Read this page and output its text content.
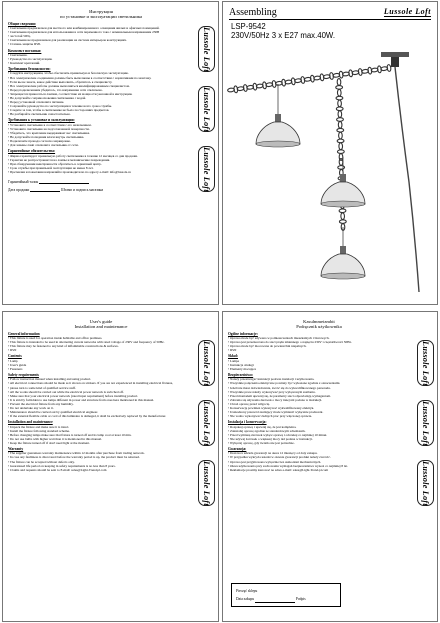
Инструкция
по установке и эксплуатации светильника
Общие сведения:
• Светильник предназначен для местного или комбинированного освещения жилых и офисных помещений.
• Светильник предназначен для использования в сети переменного тока с номинальным напряжением 230В
• частотой 50Гц.
• Светильник не предназначен для реализации на системе интерьеров конструкциях.
• Степень защиты IP20.
Комплект поставки:
• Светильник.
• Руководство по эксплуатации.
• Комплект креплений.
Требования безопасности:
• Следуйте инструкциям, чтобы обеспечить правильную и безопасную эксплуатацию.
• Все электрические соединения должны быть выполнены в соответствии с нормативами по монтажу.
• Если вы не знаете, какое действие выполнять, обратитесь к специалисту.
• Все электрические работы должны выполняться квалифицированным специалистом.
• Перед подключением убедитесь, что напряжение сети отключено.
• Запрещается прикасаться лампам, соответствие их мощности указанной в инструкции.
• Не допускайте соприкосновения светильника с водой.
• Перед установкой отключите питание.
• Сохраняйте руководство по эксплуатации в течение всего срока службы.
• Следите за тем, чтобы в светильнике не было посторонних предметов.
• Не разбирайте светильник самостоятельно.
Требования к установке и эксплуатации:
• Установите светильник в соответствии с его назначением.
• Установите светильник на подготовленной поверхности.
• Убедитесь, что крепление выдерживает вес светильника.
• Не допускайте попадания влаги внутрь светильника.
• Подключите провода согласно маркировке.
• Для замены ламп отключите светильник от сети.
Гарантийные обязательства:
• Фирма гарантирует правильную работу светильника в течение 12 месяцев со дня продажи.
• Гарантия не распространяется на лампы и механические повреждения.
• При обнаружении неисправности обратитесь в сервисный центр.
• Срок службы при правильной эксплуатации не менее 8 лет.
• Претензии и пожелания направляйте производителю по адресу e-mail: info@lussole.ru
Гарантийный талон
Дата продажи	Штамп и подпись магазина
Lussole Loft
Lussole Loft
Lussole Loft
Assembling	Lussole Loft
LSP-9542
230V/50Hz 3 x E27 max.40W.
User's guide
Installation and maintenance
General information
• This fixture is used for operation inside habitable and office premises.
• This fixture is intended to be used in alternating current networks with rated voltage of 230V and frequency of 50Hz.
• This fixture may be fastened to any kind of inflammable constructions & surfaces.
• IP20
Contents
• Lamp
• User's guide
• Fasteners
Safety requirements
• Follow instruction manual when installing and using product.
• All electrical connections should be made as it shown on stickers. If you are not experienced in installing electrical fixtures,
• please turn to some kind of qualified service staff.
• All the works should be carried out while the electrical power network is switched off.
• Make sure that your electrical power network (rated input requirement) before installing product.
• It is strictly forbidden to use lamps different in power and structure from ones here mentioned in this manual.
• Prevent the electrical fixture from any humidity.
• Do not undertake any work on it.
• Maintenance should be carried out by qualified electrical engineer.
• If the external flexible cable or cord of this luminaire is damaged, it shall be exclusively replaced by the manufacturer.
Installation and maintenance
• Unpack the fixture and make sure it is intact.
• Install the fixture following standard scheme.
• Before changing lamps make sure that fixture is turned off and its lamp cool at least 10 min.
• Do not use bulbs with higher watt than it is mentioned in this manual.
• Keep the fixture turned off if don't need light at the moment.
Warranty
• The supplier guarantees warranty maintenance within 12 months after purchase from trading network.
• In case any faultiness is discovered before the warranty period is up, the product must be returned.
• The fixture can be accepted without defects only.
• Guaranteed life period on keeping in safety requirements is no less than 8 years.
• Claims and requests should be sent to E-mail: sales@Light-Trend.pl.com
Lussole Loft
Lussole Loft
Lussole Loft
Kasulmmeizmbit
Podręcznik użytkownika
Ogólne informacje:
• Oprawa może być używana w pomieszczeniach mieszkalnych i biurowych.
• Oprawa jest przeznaczona do sieci prądu zmiennego o napięciu 230V i częstotliwości 50Hz.
• Oprawa może być mocowana do powierzchni niepalnych.
• IP20
Skład:
• Lampa
• Instrukcja obsługi
• Elementy mocujące
Bezpieczeństwo:
• Należy przestrzegać instrukcji podczas instalacji i użytkowania.
• Wszystkie połączenia elektryczne powinny być wykonane zgodnie z oznaczeniami.
• Jeżeli nie masz doświadczenia, zwróć się do wykwalifikowanego personelu.
• Wszystkie prace należy wykonywać przy wyłączonym zasilaniu.
• Przed montażem upewnij się, że parametry sieci odpowiadają wymaganiom.
• Zabrania się używania żarówek o mocy innej niż podana w instrukcji.
• Chroń oprawę przed wilgocią.
• Konserwację powinien wykonywać wykwalifikowany elektryk.
• Uszkodzony przewód zasilający może wymienić wyłącznie producent.
• Nie wolno wykonywać żadnych prac przy włączonej oprawie.
Instalacja i konserwacja:
• Rozpakuj oprawę i upewnij się, że jest kompletna.
• Zainstaluj oprawę zgodnie ze standardowym schematem.
• Przed wymianą żarówek wyłącz oprawę i odczekaj co najmniej 10 minut.
• Nie używaj żarówek o większej mocy niż podana w instrukcji.
• Wyłączaj oprawę, gdy światło nie jest potrzebne.
Gwarancja:
• Dostawca udziela gwarancji na okres 12 miesięcy od daty zakupu.
• W przypadku wykrycia usterki w okresie gwarancji produkt należy zwrócić.
• Oprawa jest przyjmowana wyłącznie bez uszkodzeń mechanicznych.
• Okres użytkowania przy zachowaniu wymagań bezpieczeństwa wynosi co najmniej 8 lat.
• Reklamacje prosimy kierować na adres e-mail: sales@Light-Trend.pl.com
Lussole Loft
Lussole Loft
Lussole Loft
Pieczęć sklepu
Data zakupu	Podpis
